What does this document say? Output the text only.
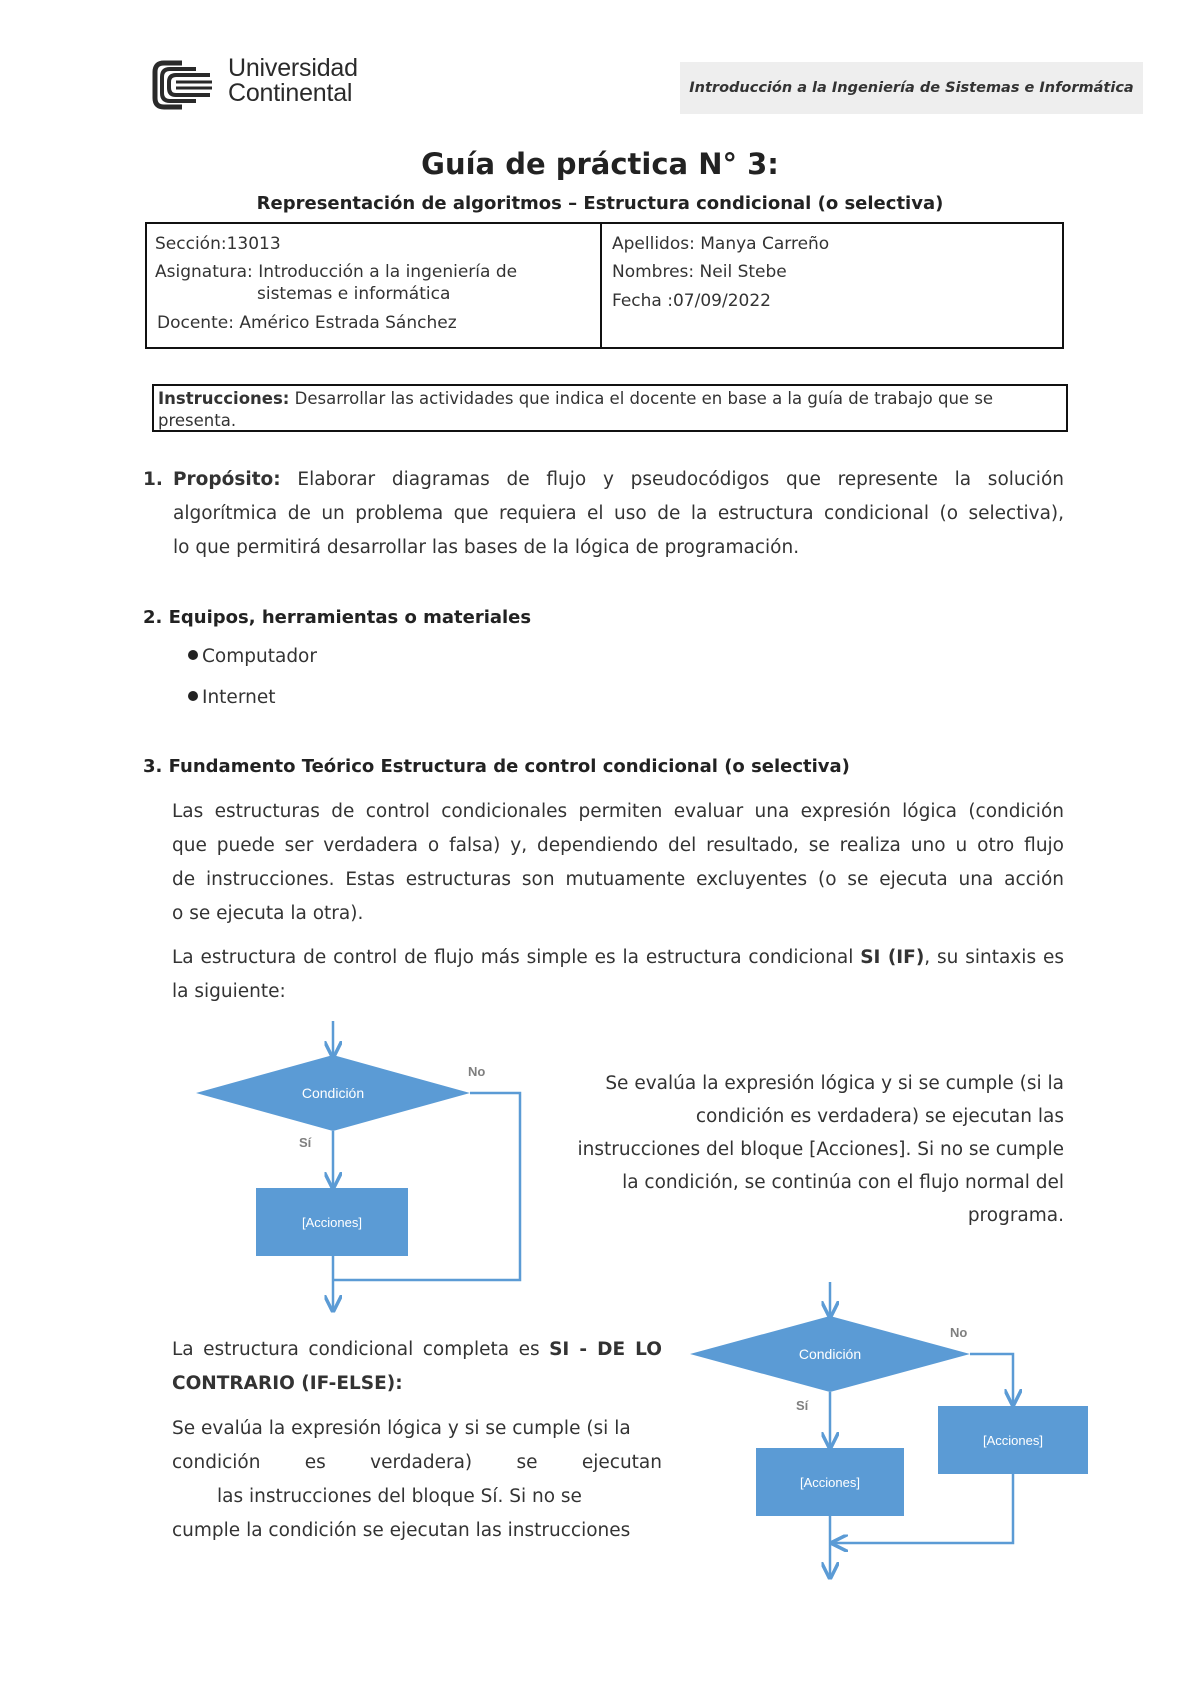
Universidad
Continental	Introducción a la Ingeniería de Sistemas e Informática
Guía de práctica N° 3:
Representación de algoritmos – Estructura condicional (o selectiva)
Sección:13013
Asignatura: Introducción a la ingeniería de
sistemas e informática
Docente: Américo Estrada Sánchez
Apellidos: Manya Carreño
Nombres: Neil Stebe
Fecha :07/09/2022
Instrucciones: Desarrollar las actividades que indica el docente en base a la guía de trabajo que se
presenta.
1. Propósito: Elaborar diagramas de flujo y pseudocódigos que represente la solución
algorítmica de un problema que requiera el uso de la estructura condicional (o selectiva),
lo que permitirá desarrollar las bases de la lógica de programación.
2. Equipos, herramientas o materiales
Computador
Internet
3. Fundamento Teórico Estructura de control condicional (o selectiva)
Las estructuras de control condicionales permiten evaluar una expresión lógica (condición
que puede ser verdadera o falsa) y, dependiendo del resultado, se realiza uno u otro flujo
de instrucciones. Estas estructuras son mutuamente excluyentes (o se ejecuta una acción
o se ejecuta la otra).
La estructura de control de flujo más simple es la estructura condicional SI (IF), su sintaxis es
la siguiente:
Condición
No
Sí
[Acciones]
Se evalúa la expresión lógica y si se cumple (si la
condición es verdadera) se ejecutan las
instrucciones del bloque [Acciones]. Si no se cumple
la condición, se continúa con el flujo normal del
programa.
La estructura condicional completa es SI - DE LO
CONTRARIO (IF-ELSE):
Se evalúa la expresión lógica y si se cumple (si la
condición es verdadera) se ejecutan
las instrucciones del bloque Sí. Si no se
cumple la condición se ejecutan las instrucciones
Condición
No
Sí
[Acciones]
[Acciones]
